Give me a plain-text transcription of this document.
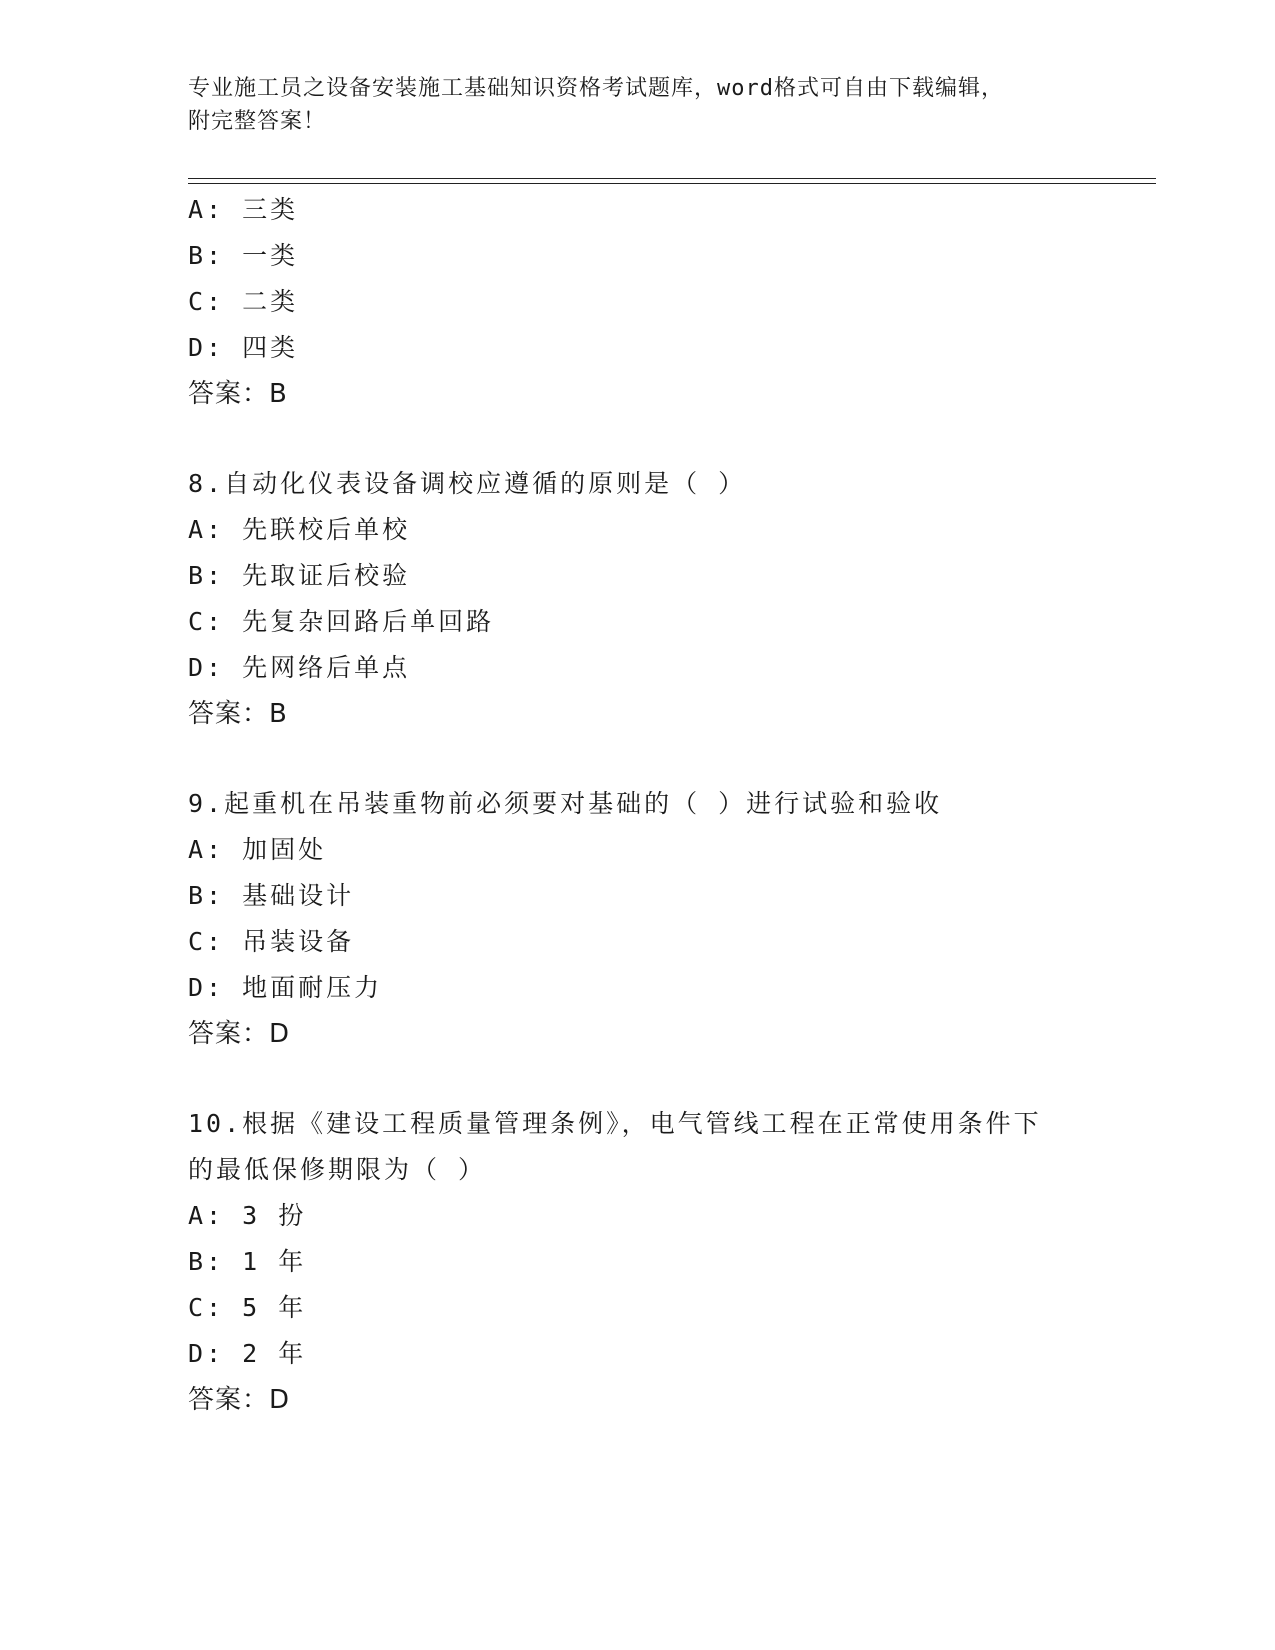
专业施工员之设备安装施工基础知识资格考试题库，word格式可自由下载编辑，
附完整答案！
A: 三类
B: 一类
C: 二类
D: 四类
答案：B
8.自动化仪表设备调校应遵循的原则是（ ）
A: 先联校后单校
B: 先取证后校验
C: 先复杂回路后单回路
D: 先网络后单点
答案：B
9.起重机在吊装重物前必须要对基础的（ ）进行试验和验收
A: 加固处
B: 基础设计
C: 吊装设备
D: 地面耐压力
答案：D
10.根据《建设工程质量管理条例》，电气管线工程在正常使用条件下
的最低保修期限为（ ）
A: 3 扮
B: 1 年
C: 5 年
D: 2 年
答案：D
